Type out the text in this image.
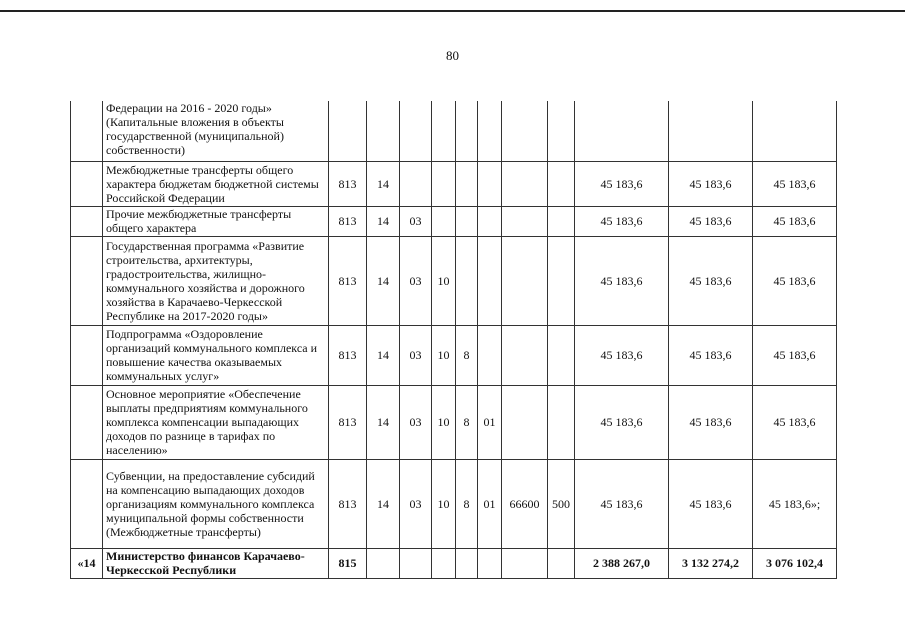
80
	Федерации на 2016 - 2020 годы» (Капитальные вложения в объекты государственной (муниципальной) собственности)											
	Межбюджетные трансферты общего характера бюджетам бюджетной системы Российской Федерации	813	14							45 183,6	45 183,6	45 183,6
	Прочие межбюджетные трансферты общего характера	813	14	03						45 183,6	45 183,6	45 183,6
	Государственная программа «Развитие строительства, архитектуры, градостроительства, жилищно-коммунального хозяйства и дорожного хозяйства в Карачаево-Черкесской Республике на 2017-2020 годы»	813	14	03	10					45 183,6	45 183,6	45 183,6
	Подпрограмма «Оздоровление организаций коммунального комплекса и повышение качества оказываемых коммунальных услуг»	813	14	03	10	8				45 183,6	45 183,6	45 183,6
	Основное мероприятие «Обеспечение выплаты предприятиям коммунального комплекса компенсации выпадающих доходов по разнице в тарифах по населению»	813	14	03	10	8	01			45 183,6	45 183,6	45 183,6
	Субвенции, на предоставление субсидий на компенсацию выпадающих доходов организациям коммунального комплекса муниципальной формы собственности (Межбюджетные трансферты)	813	14	03	10	8	01	66600	500	45 183,6	45 183,6	45 183,6»;
«14	Министерство финансов Карачаево-Черкесской Республики	815								2 388 267,0	3 132 274,2	3 076 102,4
